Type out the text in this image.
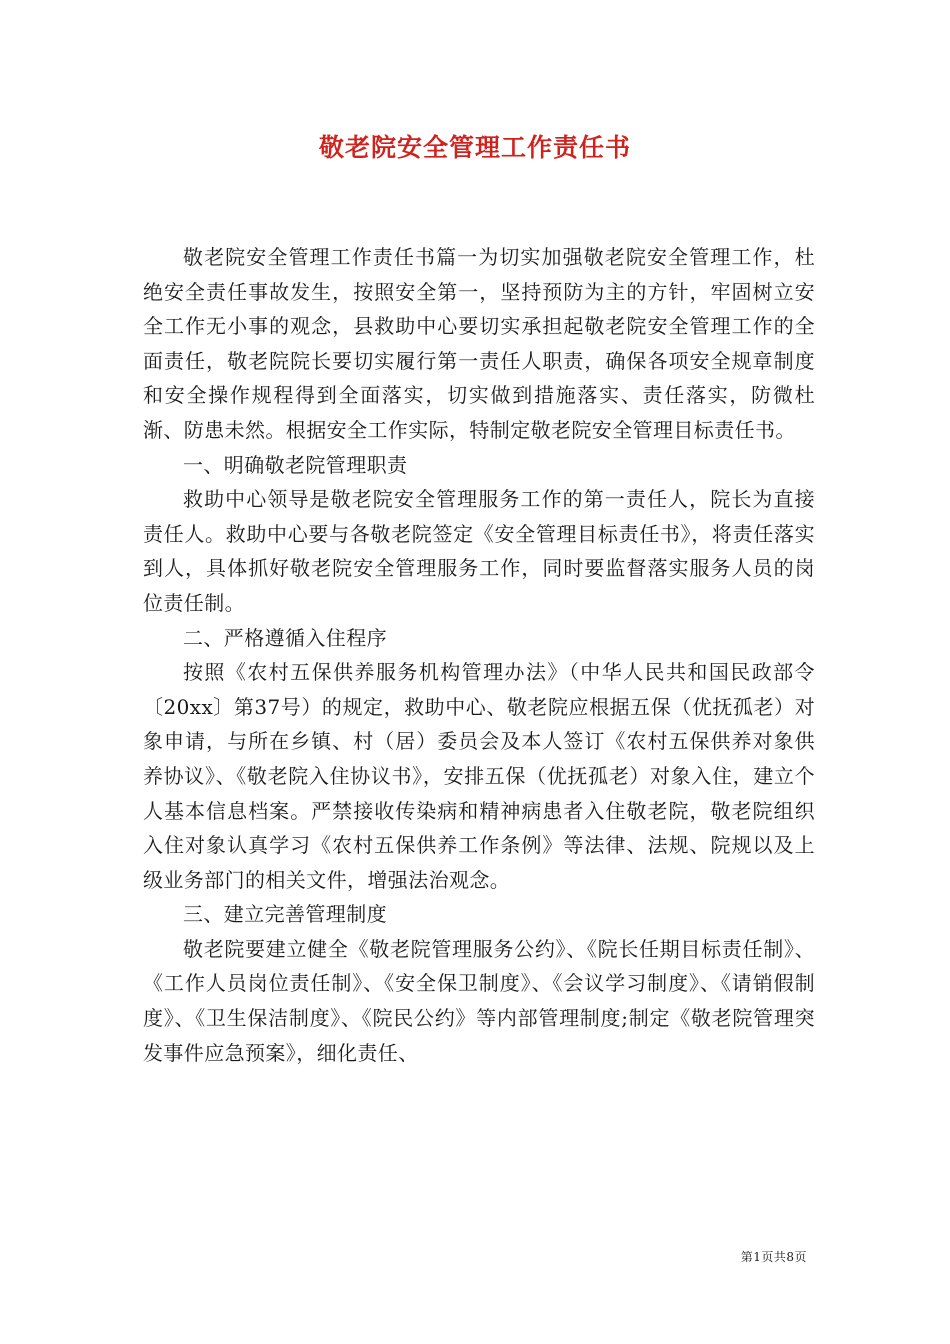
敬老院安全管理工作责任书

敬老院安全管理工作责任书篇一为切实加强敬老院安全管理工作，杜绝安全责任事故发生，按照安全第一，坚持预防为主的方针，牢固树立安全工作无小事的观念，县救助中心要切实承担起敬老院安全管理工作的全面责任，敬老院院长要切实履行第一责任人职责，确保各项安全规章制度和安全操作规程得到全面落实，切实做到措施落实、责任落实，防微杜渐、防患未然。根据安全工作实际，特制定敬老院安全管理目标责任书。

一、明确敬老院管理职责

救助中心领导是敬老院安全管理服务工作的第一责任人，院长为直接责任人。救助中心要与各敬老院签定《安全管理目标责任书》，将责任落实到人，具体抓好敬老院安全管理服务工作，同时要监督落实服务人员的岗位责任制。

二、严格遵循入住程序

按照《农村五保供养服务机构管理办法》（中华人民共和国民政部令〔20xx〕第37号）的规定，救助中心、敬老院应根据五保（优抚孤老）对象申请，与所在乡镇、村（居）委员会及本人签订《农村五保供养对象供养协议》、《敬老院入住协议书》，安排五保（优抚孤老）对象入住，建立个人基本信息档案。严禁接收传染病和精神病患者入住敬老院，敬老院组织入住对象认真学习《农村五保供养工作条例》等法律、法规、院规以及上级业务部门的相关文件，增强法治观念。

三、建立完善管理制度

敬老院要建立健全《敬老院管理服务公约》、《院长任期目标责任制》、《工作人员岗位责任制》、《安全保卫制度》、《会议学习制度》、《请销假制度》、《卫生保洁制度》、《院民公约》等内部管理制度;制定《敬老院管理突发事件应急预案》，细化责任、

第1页共8页
